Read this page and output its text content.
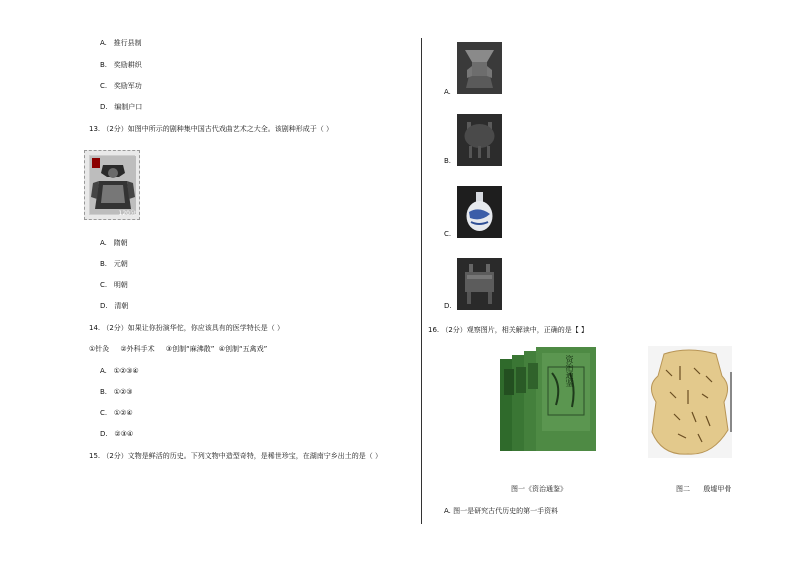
A. 推行县制
B. 奖励耕织
C. 奖励军功
D. 编制户口
13. （2分）如图中所示的剧种集中国古代戏曲艺术之大全。该剧种形成于（ ）
120分
A. 隋朝
B. 元朝
C. 明朝
D. 清朝
14. （2分）如果让你扮演华佗，你应该具有的医学特长是（ ）
①针灸     ②外科手术     ③创制“麻沸散”  ④创制“五禽戏”
A. ①②③④
B. ①②③
C. ①②④
D. ②③④
15. （2分）文物是鲜活的历史。下列文物中造型奇特，是稀世珍宝，在湖南宁乡出土的是（ ）
A.
B.
C.
D.
16. （2分）观察图片，相关解读中，正确的是【 】
资治通鉴
图一《资治通鉴》	图二      殷墟甲骨
A. 图一是研究古代历史的第一手资料
